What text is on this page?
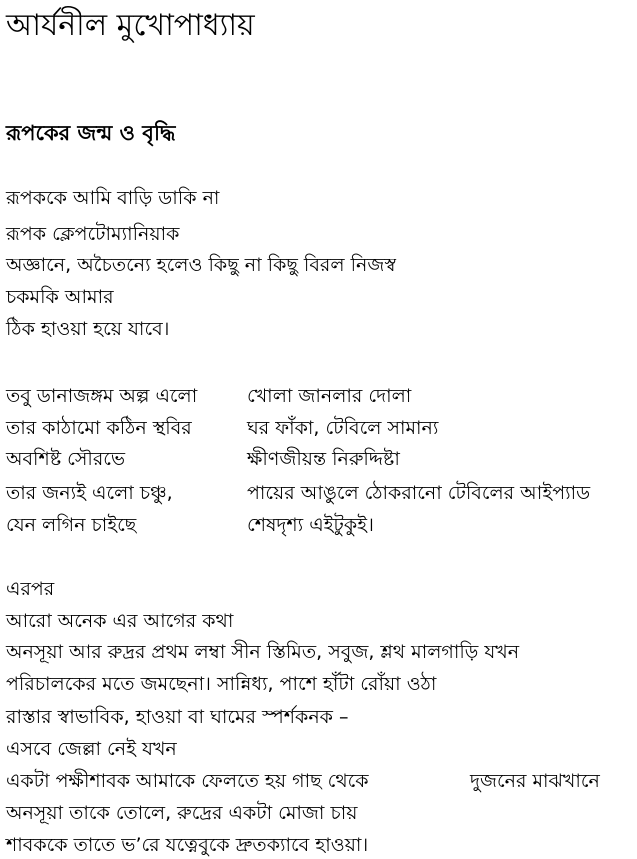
আর্যনীল মুখোপাধ্যায়
রূপকের জন্ম ও বৃদ্ধি
রূপককে আমি বাড়ি ডাকি না
রূপক ক্লেপটোম্যানিয়াক
অজ্ঞানে, অচৈতন্যে হলেও কিছু না কিছু বিরল নিজস্ব
চকমকি আমার
ঠিক হাওয়া হয়ে যাবে।
তবু ডানাজঙ্গম অল্প এলো
তার কাঠামো কঠিন স্থবির
অবশিষ্ট সৌরভে
তার জন্যই এলো চঞ্চু,
যেন লগিন চাইছে
খোলা জানলার দোলা
ঘর ফাঁকা, টেবিলে সামান্য
ক্ষীণজীয়ন্ত নিরুদ্দিষ্টা
পায়ের আঙুলে ঠোকরানো টেবিলের আইপ্যাড
শেষদৃশ্য এইটুকুই।
এরপর
আরো অনেক এর আগের কথা
অনসূয়া আর রুদ্রর প্রথম লম্বা সীন স্তিমিত, সবুজ, শ্লথ মালগাড়ি যখন
পরিচালকের মতে জমছেনা। সান্নিধ্য, পাশে হাঁটা রোঁয়া ওঠা
রাস্তার স্বাভাবিক, হাওয়া বা ঘামের স্পর্শকনক –
এসবে জেল্লা নেই যখন
একটা পক্ষীশাবক আমাকে ফেলতে হয় গাছ থেকে	দুজনের মাঝখানে
অনসূয়া তাকে তোলে, রুদ্রের একটা মোজা চায়
শাবককে তাতে ভ’রে যত্নেবুকে দ্রুতক্যাবে হাওয়া।
